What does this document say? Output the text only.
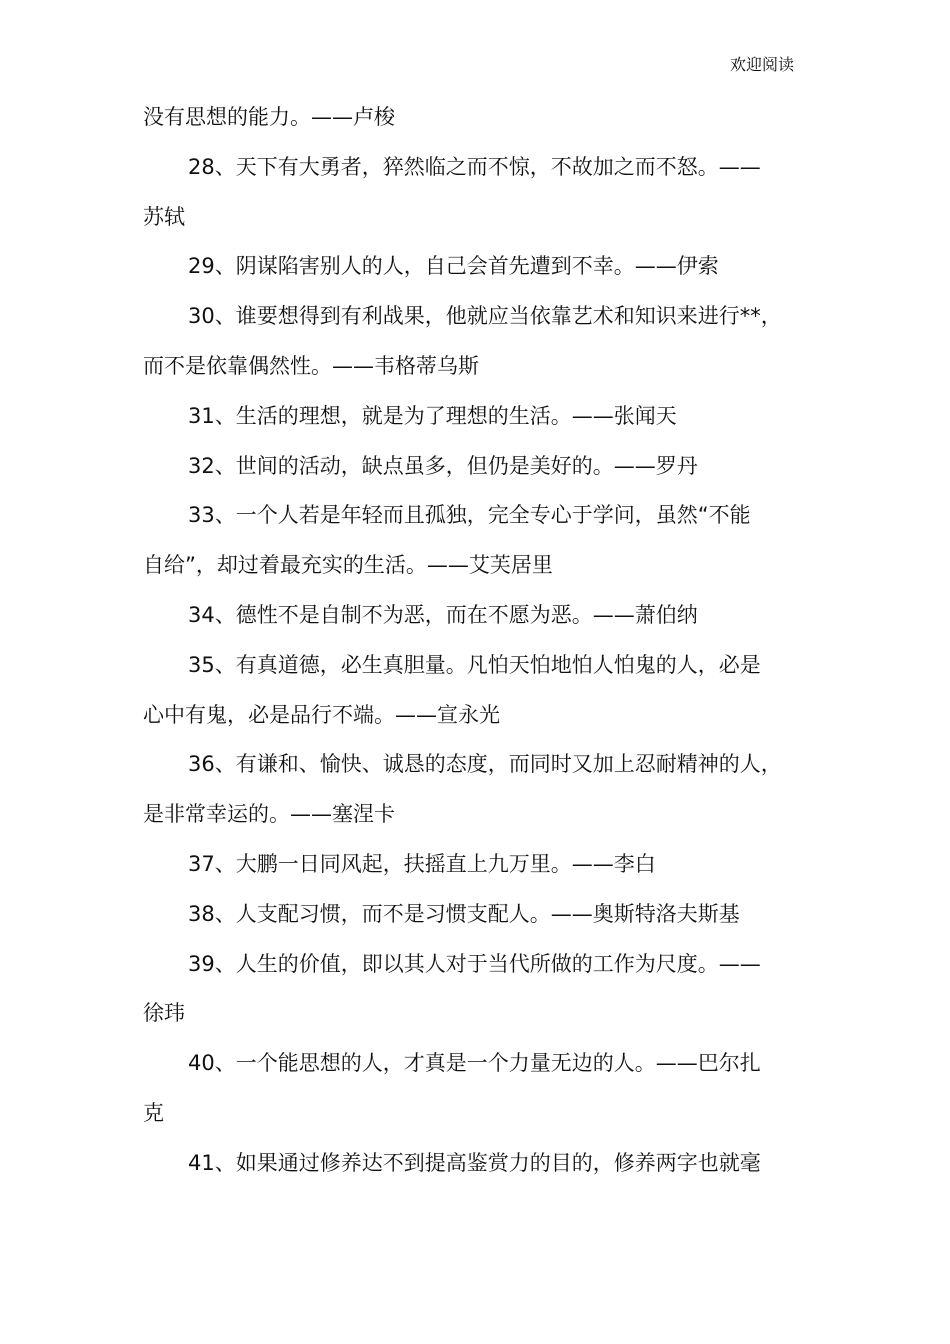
欢迎阅读
没有思想的能力。——卢梭
28、天下有大勇者，猝然临之而不惊，不故加之而不怒。——
苏轼
29、阴谋陷害别人的人，自己会首先遭到不幸。——伊索
30、谁要想得到有利战果，他就应当依靠艺术和知识来进行**，
而不是依靠偶然性。——韦格蒂乌斯
31、生活的理想，就是为了理想的生活。——张闻天
32、世间的活动，缺点虽多，但仍是美好的。——罗丹
33、一个人若是年轻而且孤独，完全专心于学问，虽然“不能
自给”，却过着最充实的生活。——艾芙居里
34、德性不是自制不为恶，而在不愿为恶。——萧伯纳
35、有真道德，必生真胆量。凡怕天怕地怕人怕鬼的人，必是
心中有鬼，必是品行不端。——宣永光
36、有谦和、愉快、诚恳的态度，而同时又加上忍耐精神的人，
是非常幸运的。——塞涅卡
37、大鹏一日同风起，扶摇直上九万里。——李白
38、人支配习惯，而不是习惯支配人。——奥斯特洛夫斯基
39、人生的价值，即以其人对于当代所做的工作为尺度。——
徐玮
40、一个能思想的人，才真是一个力量无边的人。——巴尔扎
克
41、如果通过修养达不到提高鉴赏力的目的，修养两字也就毫
